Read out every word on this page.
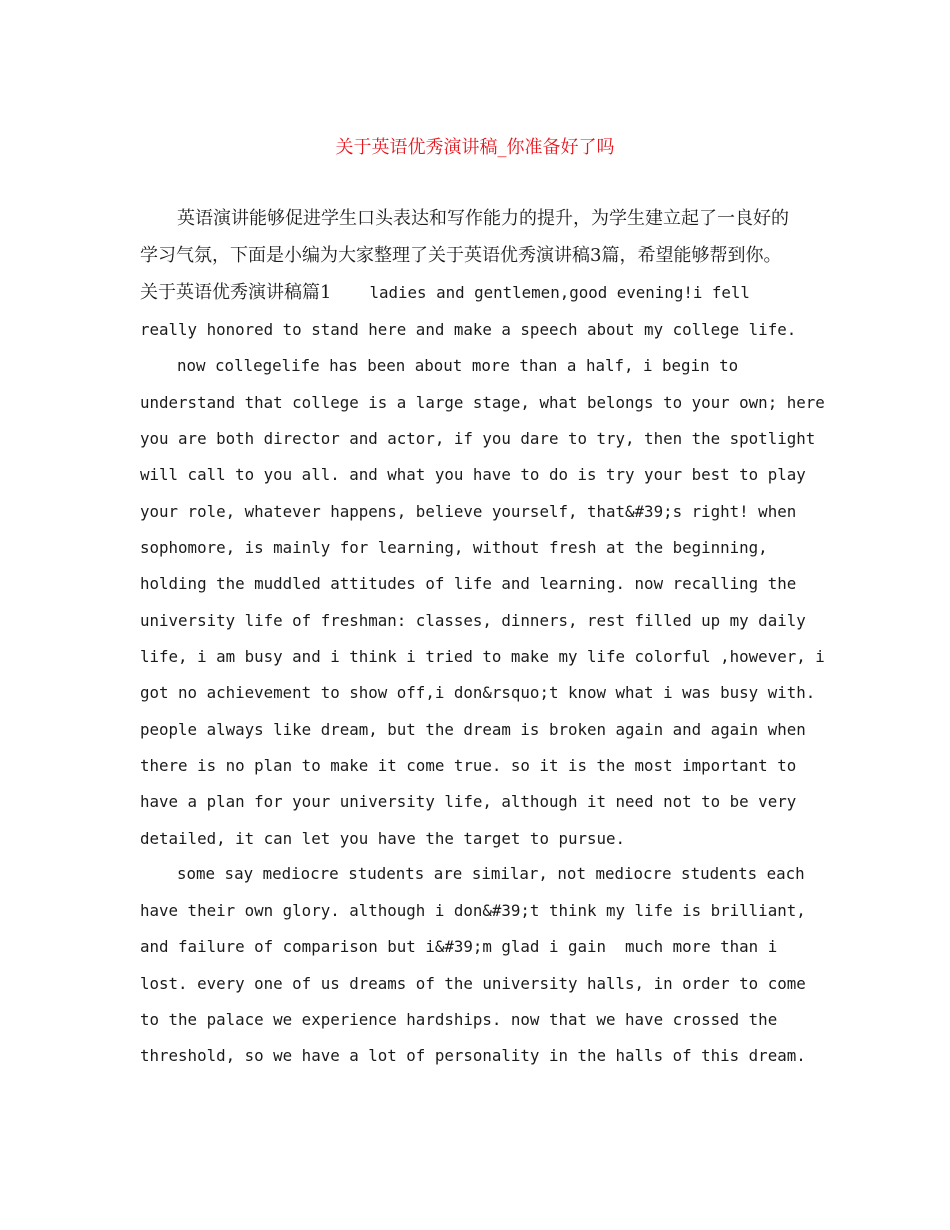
关于英语优秀演讲稿_你准备好了吗
英语演讲能够促进学生口头表达和写作能力的提升，为学生建立起了一良好的
学习气氛，下面是小编为大家整理了关于英语优秀演讲稿3篇，希望能够帮到你。
关于英语优秀演讲稿篇1    ladies and gentlemen,good evening!i fell
really honored to stand here and make a speech about my college life.
now collegelife has been about more than a half, i begin to
understand that college is a large stage, what belongs to your own; here
you are both director and actor, if you dare to try, then the spotlight
will call to you all. and what you have to do is try your best to play
your role, whatever happens, believe yourself, that&#39;s right! when
sophomore, is mainly for learning, without fresh at the beginning,
holding the muddled attitudes of life and learning. now recalling the
university life of freshman: classes, dinners, rest filled up my daily
life, i am busy and i think i tried to make my life colorful ,however, i
got no achievement to show off,i don&rsquo;t know what i was busy with.
people always like dream, but the dream is broken again and again when
there is no plan to make it come true. so it is the most important to
have a plan for your university life, although it need not to be very
detailed, it can let you have the target to pursue.
some say mediocre students are similar, not mediocre students each
have their own glory. although i don&#39;t think my life is brilliant,
and failure of comparison but i&#39;m glad i gain  much more than i
lost. every one of us dreams of the university halls, in order to come
to the palace we experience hardships. now that we have crossed the
threshold, so we have a lot of personality in the halls of this dream.
